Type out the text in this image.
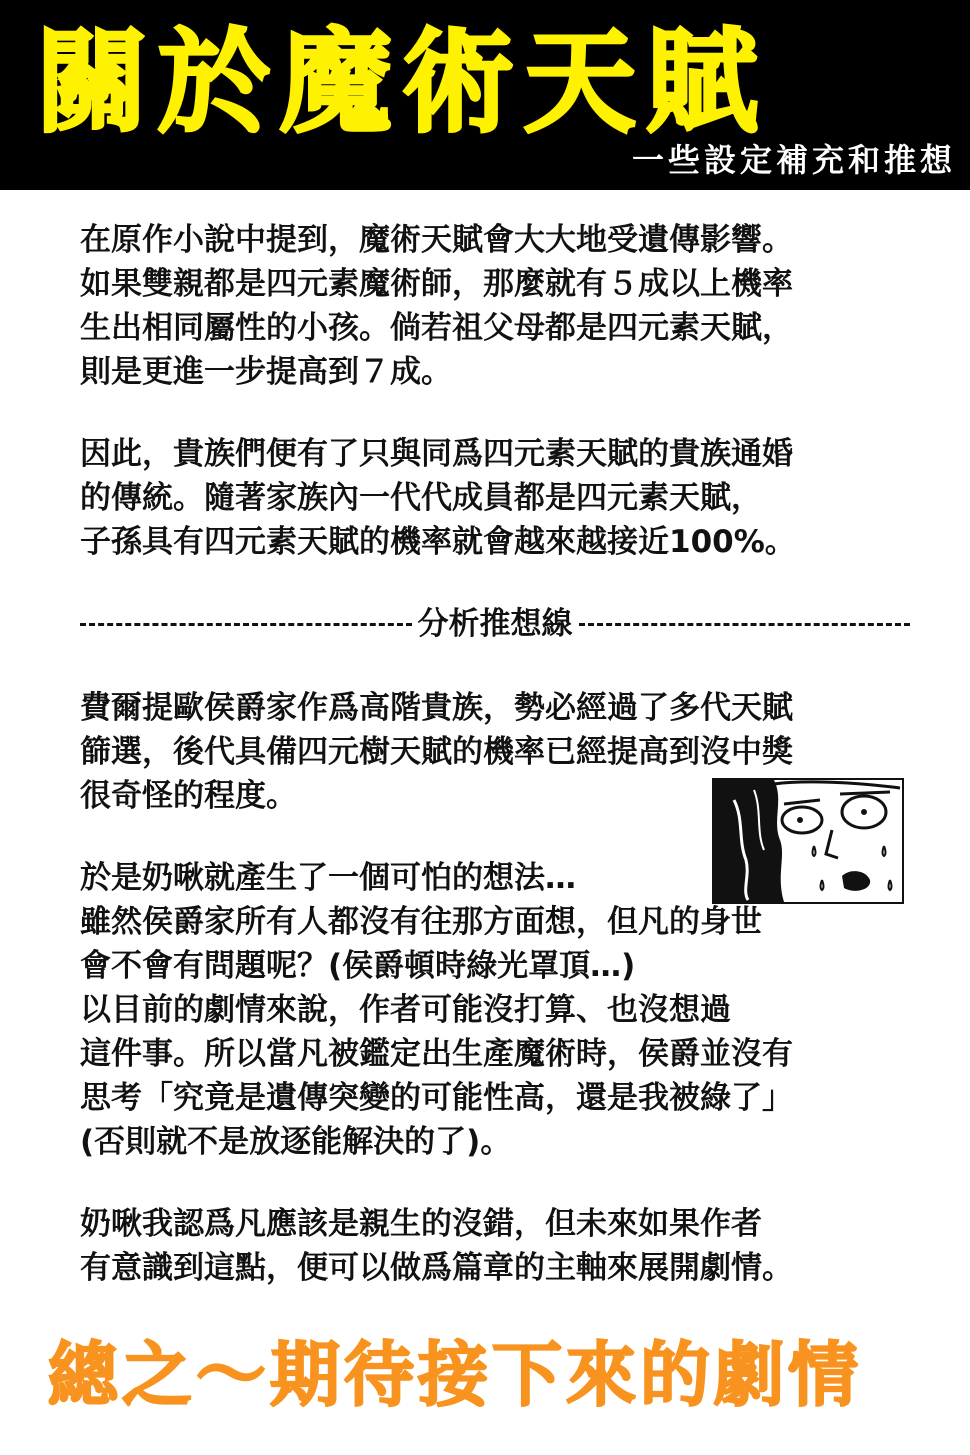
關於魔術天賦
一些設定補充和推想
在原作小說中提到，魔術天賦會大大地受遺傳影響。
如果雙親都是四元素魔術師，那麼就有５成以上機率
生出相同屬性的小孩。倘若祖父母都是四元素天賦，
則是更進一步提高到７成。
因此，貴族們便有了只與同爲四元素天賦的貴族通婚
的傳統。隨著家族內一代代成員都是四元素天賦，
子孫具有四元素天賦的機率就會越來越接近100%。
分析推想線
費爾提歐侯爵家作爲高階貴族，勢必經過了多代天賦
篩選，後代具備四元樹天賦的機率已經提高到沒中獎
很奇怪的程度。
於是奶啾就產生了一個可怕的想法…
雖然侯爵家所有人都沒有往那方面想，但凡的身世
會不會有問題呢？(侯爵頓時綠光罩頂…)
以目前的劇情來說，作者可能沒打算、也沒想過
這件事。所以當凡被鑑定出生產魔術時，侯爵並沒有
思考「究竟是遺傳突變的可能性高，還是我被綠了」
(否則就不是放逐能解決的了)。
奶啾我認爲凡應該是親生的沒錯，但未來如果作者
有意識到這點，便可以做爲篇章的主軸來展開劇情。
總之～期待接下來的劇情
